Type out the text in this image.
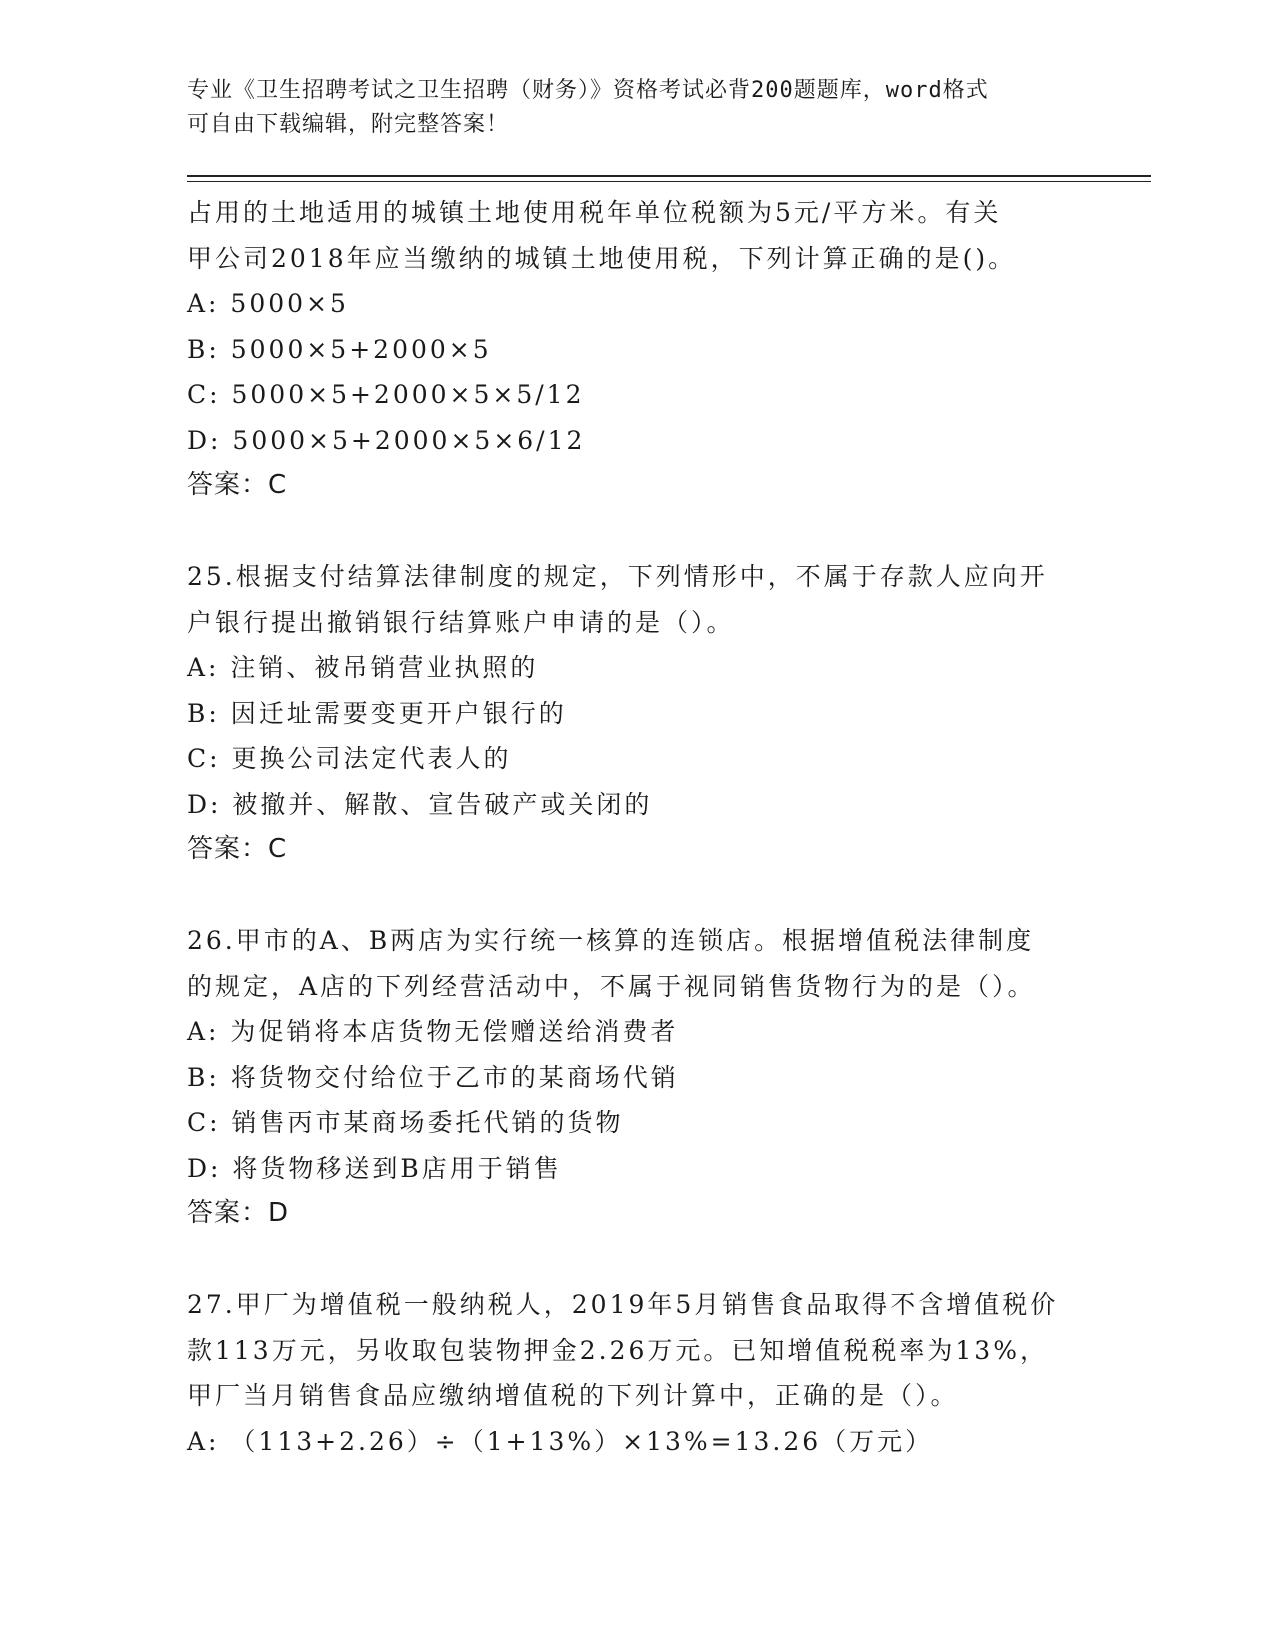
专业《卫生招聘考试之卫生招聘（财务）》资格考试必背200题题库，word格式
可自由下载编辑，附完整答案！
占用的土地适用的城镇土地使用税年单位税额为5元/平方米。有关
甲公司2018年应当缴纳的城镇土地使用税，下列计算正确的是()。
A: 5000×5
B: 5000×5+2000×5
C: 5000×5+2000×5×5/12
D: 5000×5+2000×5×6/12
答案：C
25.根据支付结算法律制度的规定，下列情形中，不属于存款人应向开
户银行提出撤销银行结算账户申请的是（）。
A: 注销、被吊销营业执照的
B: 因迁址需要变更开户银行的
C: 更换公司法定代表人的
D: 被撤并、解散、宣告破产或关闭的
答案：C
26.甲市的A、B两店为实行统一核算的连锁店。根据增值税法律制度
的规定，A店的下列经营活动中，不属于视同销售货物行为的是（）。
A: 为促销将本店货物无偿赠送给消费者
B: 将货物交付给位于乙市的某商场代销
C: 销售丙市某商场委托代销的货物
D: 将货物移送到B店用于销售
答案：D
27.甲厂为增值税一般纳税人，2019年5月销售食品取得不含增值税价
款113万元，另收取包装物押金2.26万元。已知增值税税率为13%，
甲厂当月销售食品应缴纳增值税的下列计算中，正确的是（）。
A: （113+2.26）÷（1+13%）×13%=13.26（万元）
